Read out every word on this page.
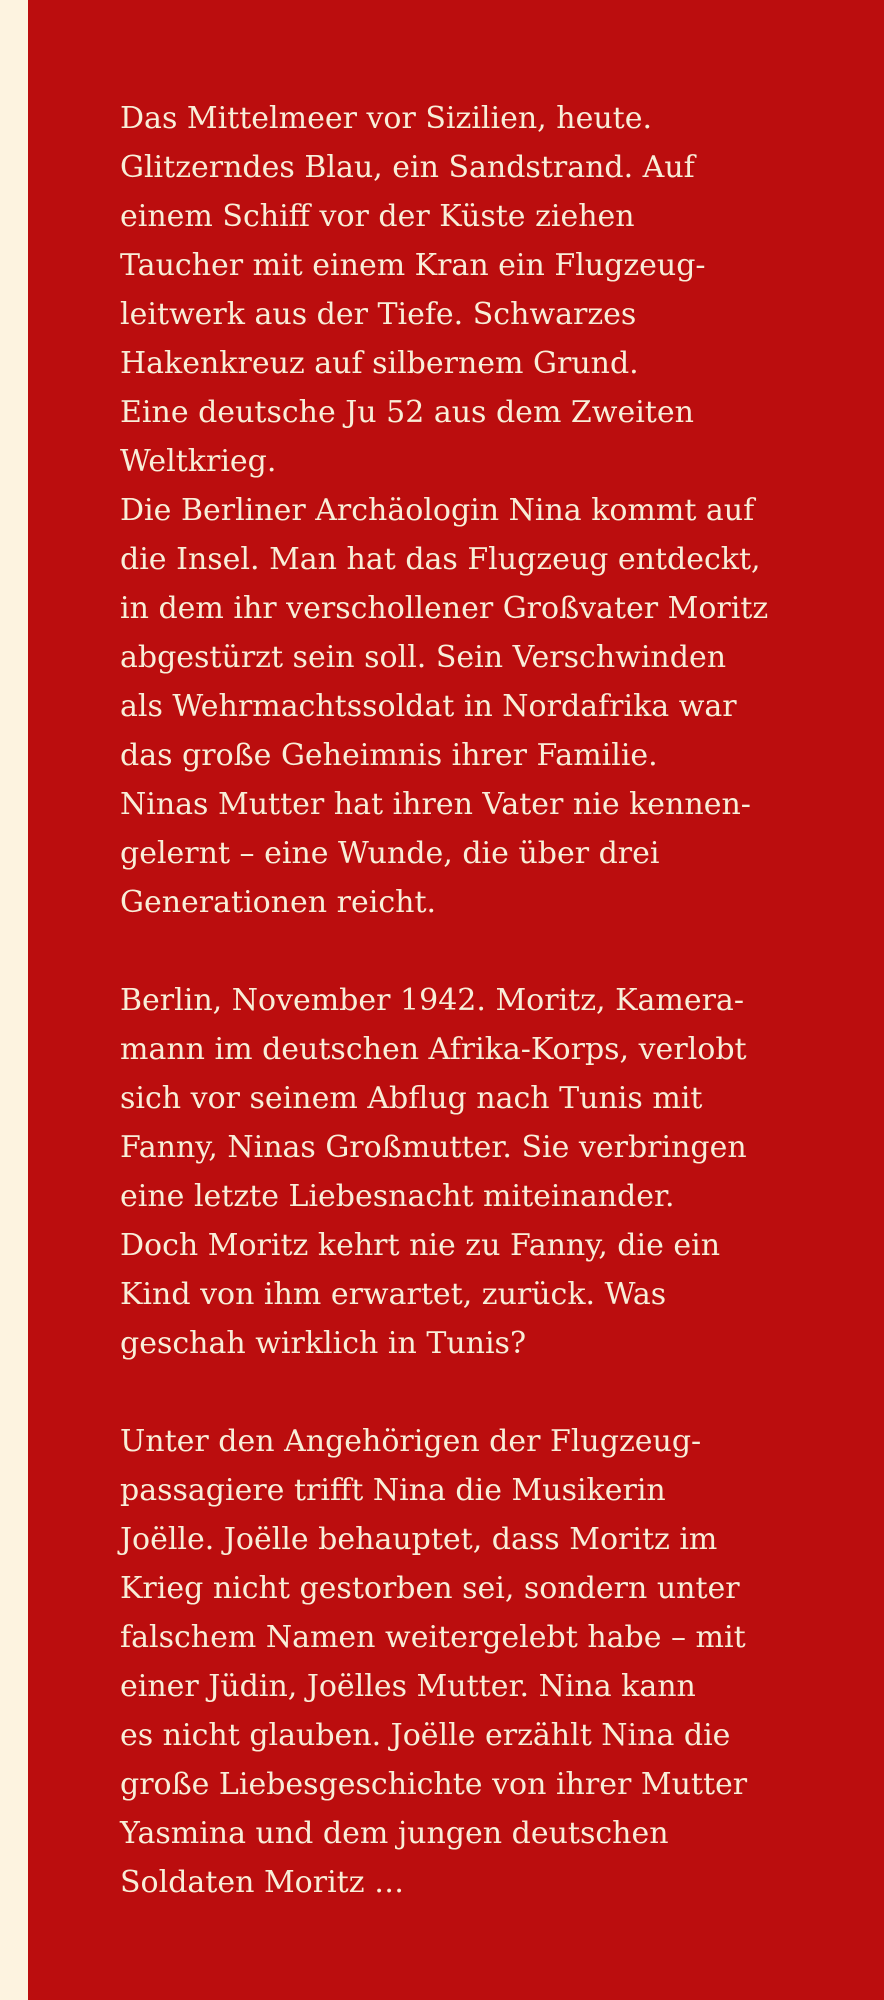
Das Mittelmeer vor Sizilien, heute.
Glitzerndes Blau, ein Sandstrand. Auf
einem Schiff vor der Küste ziehen
Taucher mit einem Kran ein Flugzeug-
leitwerk aus der Tiefe. Schwarzes
Hakenkreuz auf silbernem Grund.
Eine deutsche Ju 52 aus dem Zweiten
Weltkrieg.
Die Berliner Archäologin Nina kommt auf
die Insel. Man hat das Flugzeug entdeckt,
in dem ihr verschollener Großvater Moritz
abgestürzt sein soll. Sein Verschwinden
als Wehrmachtssoldat in Nordafrika war
das große Geheimnis ihrer Familie.
Ninas Mutter hat ihren Vater nie kennen-
gelernt – eine Wunde, die über drei
Generationen reicht.
Berlin, November 1942. Moritz, Kamera-
mann im deutschen Afrika-Korps, verlobt
sich vor seinem Abflug nach Tunis mit
Fanny, Ninas Großmutter. Sie verbringen
eine letzte Liebesnacht miteinander.
Doch Moritz kehrt nie zu Fanny, die ein
Kind von ihm erwartet, zurück. Was
geschah wirklich in Tunis?
Unter den Angehörigen der Flugzeug-
passagiere trifft Nina die Musikerin
Joëlle. Joëlle behauptet, dass Moritz im
Krieg nicht gestorben sei, sondern unter
falschem Namen weitergelebt habe – mit
einer Jüdin, Joëlles Mutter. Nina kann
es nicht glauben. Joëlle erzählt Nina die
große Liebesgeschichte von ihrer Mutter
Yasmina und dem jungen deutschen
Soldaten Moritz …
